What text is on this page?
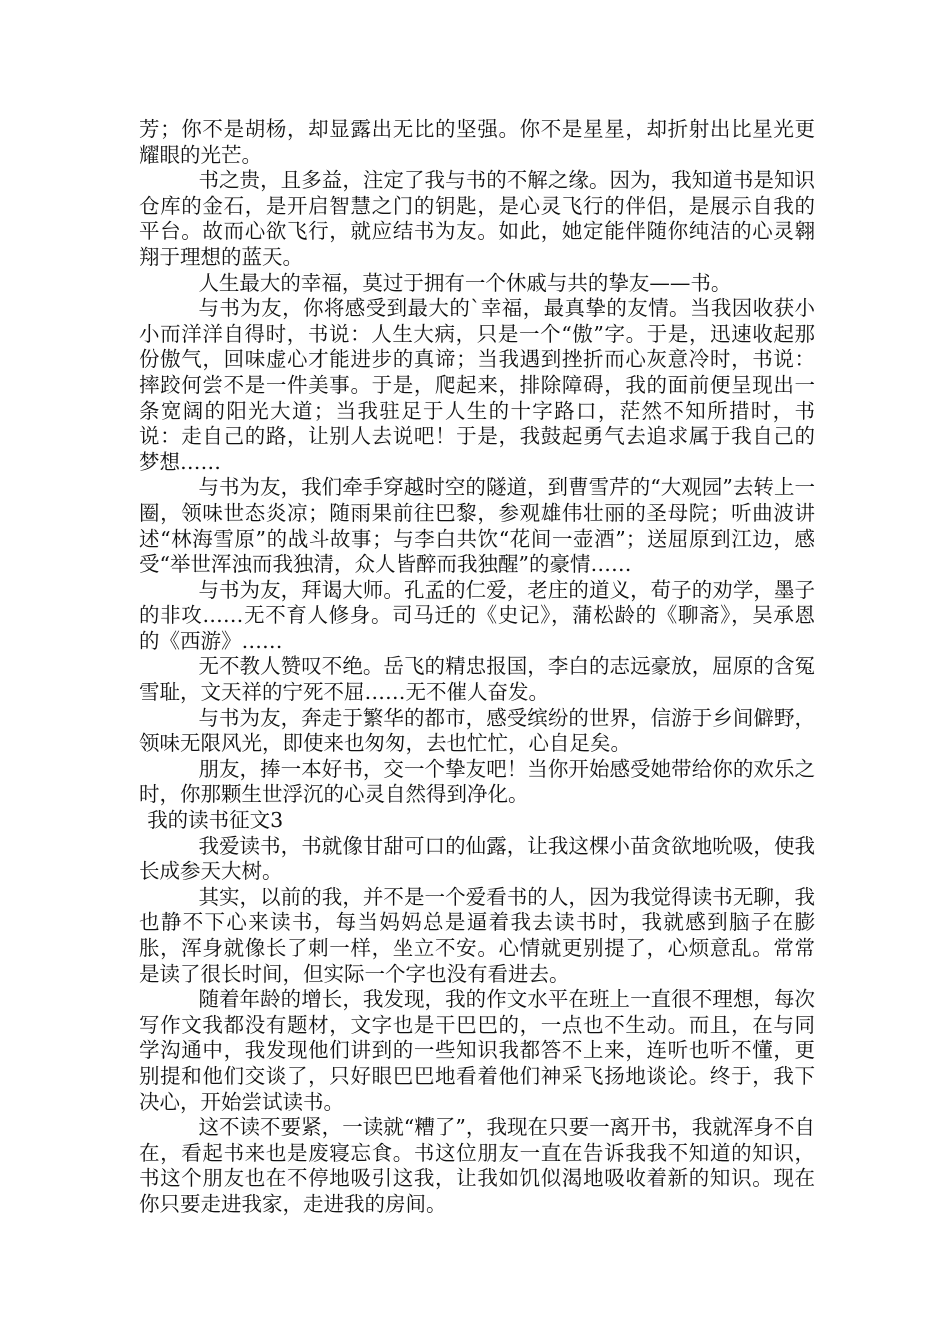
芳；你不是胡杨，却显露出无比的坚强。你不是星星，却折射出比星光更耀眼的光芒。

书之贵，且多益，注定了我与书的不解之缘。因为，我知道书是知识仓库的金石，是开启智慧之门的钥匙，是心灵飞行的伴侣，是展示自我的平台。故而心欲飞行，就应结书为友。如此，她定能伴随你纯洁的心灵翱翔于理想的蓝天。

人生最大的幸福，莫过于拥有一个休戚与共的挚友——书。

与书为友，你将感受到最大的`幸福，最真挚的友情。当我因收获小小而洋洋自得时，书说：人生大病，只是一个“傲”字。于是，迅速收起那份傲气，回味虚心才能进步的真谛；当我遇到挫折而心灰意冷时，书说：摔跤何尝不是一件美事。于是，爬起来，排除障碍，我的面前便呈现出一条宽阔的阳光大道；当我驻足于人生的十字路口，茫然不知所措时，书说：走自己的路，让别人去说吧！于是，我鼓起勇气去追求属于我自己的梦想……

与书为友，我们牵手穿越时空的隧道，到曹雪芹的“大观园”去转上一圈，领味世态炎凉；随雨果前往巴黎，参观雄伟壮丽的圣母院；听曲波讲述“林海雪原”的战斗故事；与李白共饮“花间一壶酒”；送屈原到江边，感受“举世浑浊而我独清，众人皆醉而我独醒”的豪情……

与书为友，拜谒大师。孔孟的仁爱，老庄的道义，荀子的劝学，墨子的非攻……无不育人修身。司马迁的《史记》，蒲松龄的《聊斋》，吴承恩的《西游》……

无不教人赞叹不绝。岳飞的精忠报国，李白的志远豪放，屈原的含冤雪耻，文天祥的宁死不屈……无不催人奋发。

与书为友，奔走于繁华的都市，感受缤纷的世界，信游于乡间僻野，领味无限风光，即使来也匆匆，去也忙忙，心自足矣。

朋友，捧一本好书，交一个挚友吧！当你开始感受她带给你的欢乐之时，你那颗生世浮沉的心灵自然得到净化。

我的读书征文3

我爱读书，书就像甘甜可口的仙露，让我这棵小苗贪欲地吮吸，使我长成参天大树。

其实，以前的我，并不是一个爱看书的人，因为我觉得读书无聊，我也静不下心来读书，每当妈妈总是逼着我去读书时，我就感到脑子在膨胀，浑身就像长了刺一样，坐立不安。心情就更别提了，心烦意乱。常常是读了很长时间，但实际一个字也没有看进去。

随着年龄的增长，我发现，我的作文水平在班上一直很不理想，每次写作文我都没有题材，文字也是干巴巴的，一点也不生动。而且，在与同学沟通中，我发现他们讲到的一些知识我都答不上来，连听也听不懂，更别提和他们交谈了，只好眼巴巴地看着他们神采飞扬地谈论。终于，我下决心，开始尝试读书。

这不读不要紧，一读就“糟了”，我现在只要一离开书，我就浑身不自在，看起书来也是废寝忘食。书这位朋友一直在告诉我我不知道的知识，书这个朋友也在不停地吸引这我，让我如饥似渴地吸收着新的知识。现在你只要走进我家，走进我的房间。
